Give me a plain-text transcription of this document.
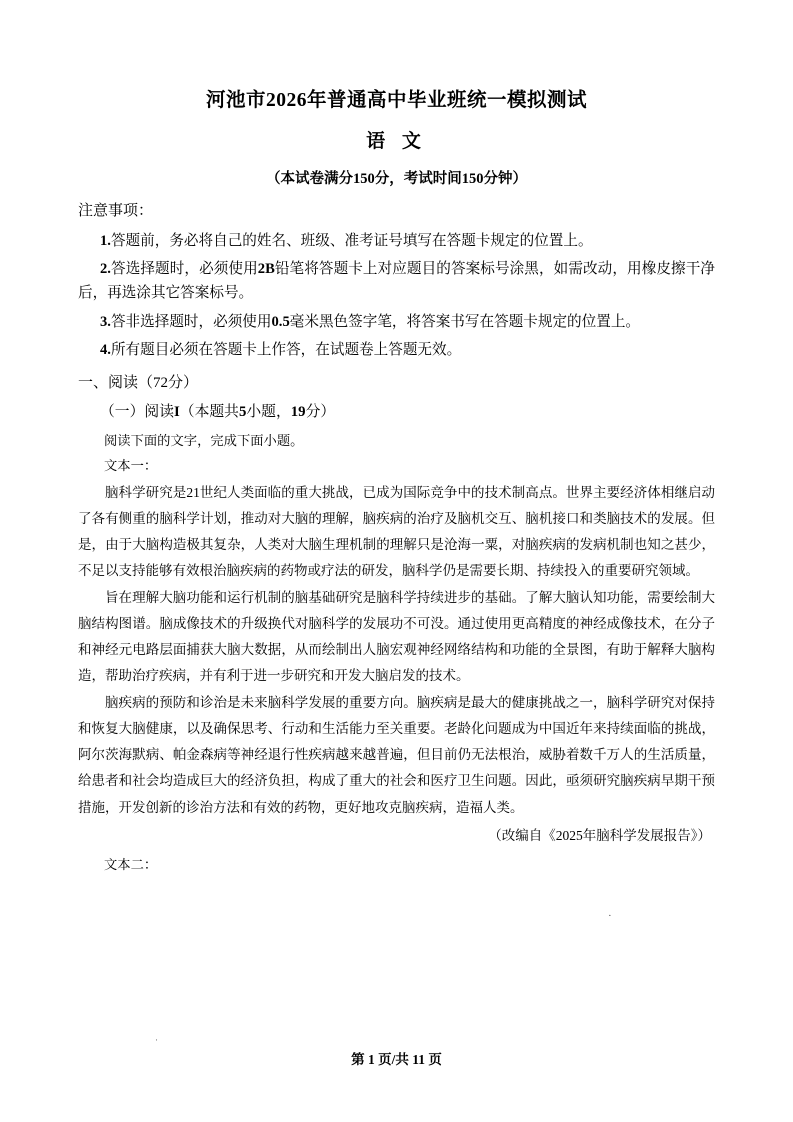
河池市2026年普通高中毕业班统一模拟测试
语 文
（本试卷满分150分，考试时间150分钟）
注意事项：

1.答题前，务必将自己的姓名、班级、准考证号填写在答题卡规定的位置上。

2.答选择题时，必须使用2B铅笔将答题卡上对应题目的答案标号涂黑，如需改动，用橡皮擦干净后，再选涂其它答案标号。

3.答非选择题时，必须使用0.5毫米黑色签字笔，将答案书写在答题卡规定的位置上。

4.所有题目必须在答题卡上作答，在试题卷上答题无效。

一、阅读（72分）
（一）阅读I（本题共5小题，19分）

阅读下面的文字，完成下面小题。

文本一：

脑科学研究是21世纪人类面临的重大挑战，已成为国际竞争中的技术制高点。世界主要经济体相继启动了各有侧重的脑科学计划，推动对大脑的理解，脑疾病的治疗及脑机交互、脑机接口和类脑技术的发展。但是，由于大脑构造极其复杂，人类对大脑生理机制的理解只是沧海一粟，对脑疾病的发病机制也知之甚少，不足以支持能够有效根治脑疾病的药物或疗法的研发，脑科学仍是需要长期、持续投入的重要研究领域。

旨在理解大脑功能和运行机制的脑基础研究是脑科学持续进步的基础。了解大脑认知功能，需要绘制大脑结构图谱。脑成像技术的升级换代对脑科学的发展功不可没。通过使用更高精度的神经成像技术，在分子和神经元电路层面捕获大脑大数据，从而绘制出人脑宏观神经网络结构和功能的全景图，有助于解释大脑构造，帮助治疗疾病，并有利于进一步研究和开发大脑启发的技术。

脑疾病的预防和诊治是未来脑科学发展的重要方向。脑疾病是最大的健康挑战之一，脑科学研究对保持和恢复大脑健康，以及确保思考、行动和生活能力至关重要。老龄化问题成为中国近年来持续面临的挑战，阿尔茨海默病、帕金森病等神经退行性疾病越来越普遍，但目前仍无法根治，威胁着数千万人的生活质量，给患者和社会均造成巨大的经济负担，构成了重大的社会和医疗卫生问题。因此，亟须研究脑疾病早期干预措施，开发创新的诊治方法和有效的药物，更好地攻克脑疾病，造福人类。

（改编自《2025年脑科学发展报告》）

文本二：

·
·
第 1 页/共 11 页
